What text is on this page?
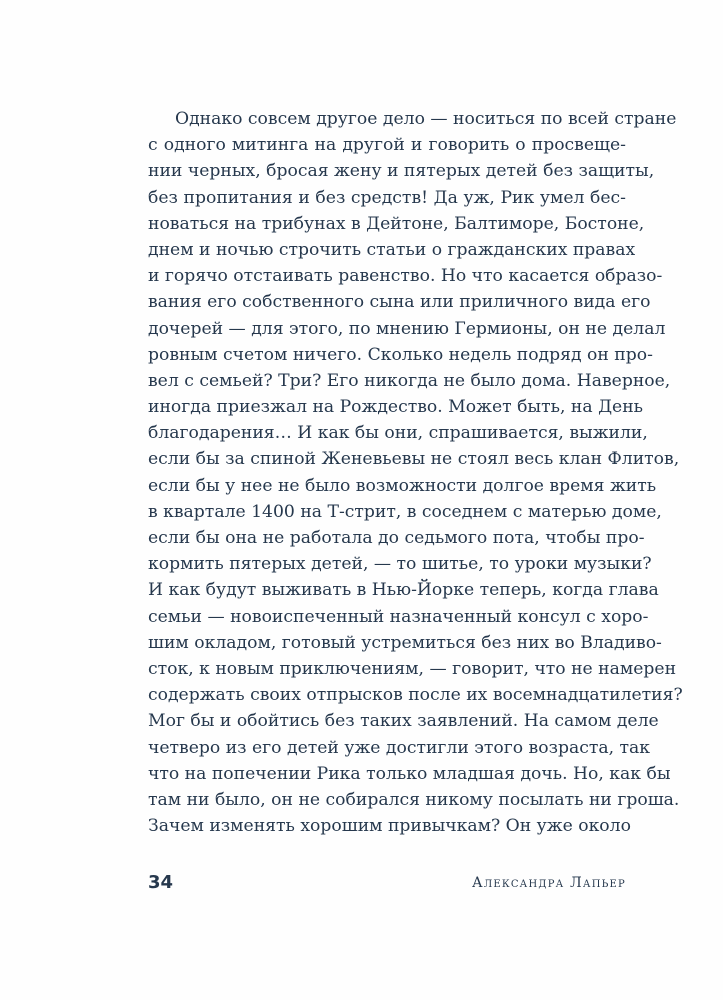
Однако совсем другое дело — носиться по всей стране
с одного митинга на другой и говорить о просвеще-
нии черных, бросая жену и пятерых детей без защиты,
без пропитания и без средств! Да уж, Рик умел бес-
новаться на трибунах в Дейтоне, Балтиморе, Бостоне,
днем и ночью строчить статьи о гражданских правах
и горячо отстаивать равенство. Но что касается образо-
вания его собственного сына или приличного вида его
дочерей — для этого, по мнению Гермионы, он не делал
ровным счетом ничего. Сколько недель подряд он про-
вел с семьей? Три? Его никогда не было дома. Наверное,
иногда приезжал на Рождество. Может быть, на День
благодарения… И как бы они, спрашивается, выжили,
если бы за спиной Женевьевы не стоял весь клан Флитов,
если бы у нее не было возможности долгое время жить
в квартале 1400 на Т-стрит, в соседнем с матерью доме,
если бы она не работала до седьмого пота, чтобы про-
кормить пятерых детей, — то шитье, то уроки музыки?
И как будут выживать в Нью-Йорке теперь, когда глава
семьи — новоиспеченный назначенный консул с хоро-
шим окладом, готовый устремиться без них во Владиво-
сток, к новым приключениям, — говорит, что не намерен
содержать своих отпрысков после их восемнадцатилетия?
Мог бы и обойтись без таких заявлений. На самом деле
четверо из его детей уже достигли этого возраста, так
что на попечении Рика только младшая дочь. Но, как бы
там ни было, он не собирался никому посылать ни гроша.
Зачем изменять хорошим привычкам? Он уже около
34	Александра Лапьер
